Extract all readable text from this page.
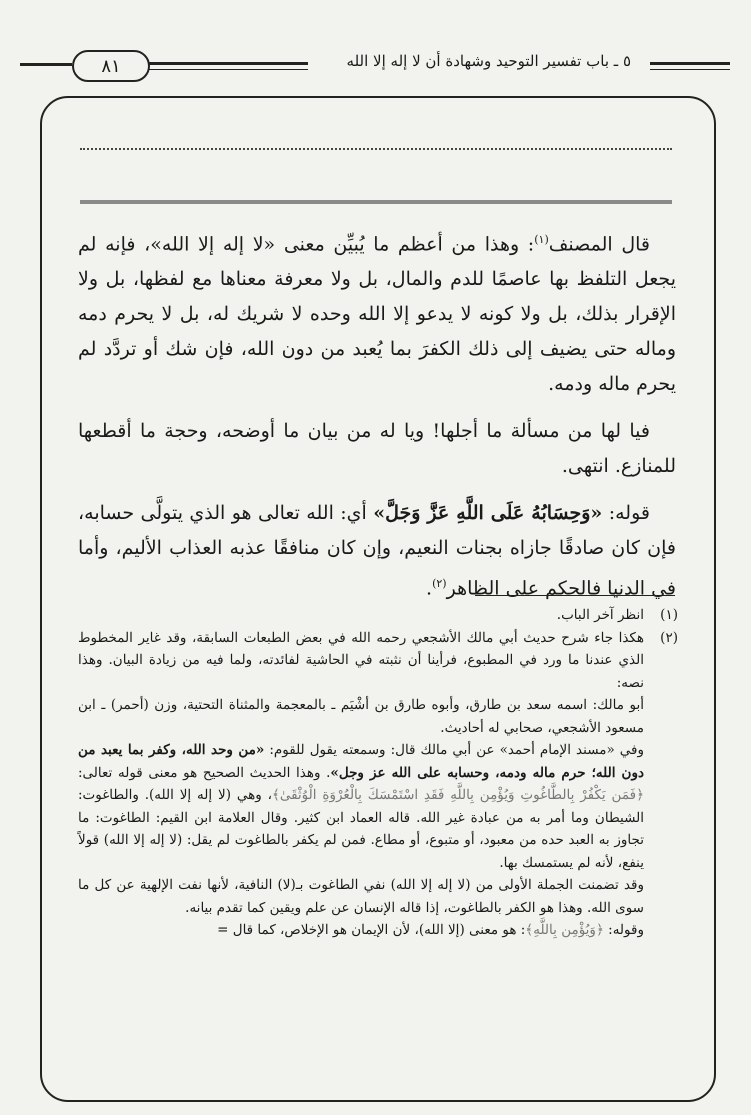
٨١	٥ ـ باب تفسير التوحيد وشهادة أن لا إله إلا الله

قال المصنف$^{(١)}$: وهذا من أعظم ما يُبيِّن معنى «لا إله إلا الله»، فإنه لم يجعل التلفظ بها عاصمًا للدم والمال، بل ولا معرفة معناها مع لفظها، بل ولا الإقرار بذلك، بل ولا كونه لا يدعو إلا الله وحده لا شريك له، بل لا يحرم دمه وماله حتى يضيف إلى ذلك الكفرَ بما يُعبد من دون الله، فإن شك أو تردَّد لم يحرم ماله ودمه.

فيا لها من مسألة ما أجلها! ويا له من بيان ما أوضحه، وحجة ما أقطعها للمنازع. انتهى.

قوله: «وَحِسَابُهُ عَلَى اللَّهِ عَزَّ وَجَلَّ» أي: الله تعالى هو الذي يتولَّى حسابه، فإن كان صادقًا جازاه بجنات النعيم، وإن كان منافقًا عذبه العذاب الأليم، وأما في الدنيا فالحكم على الظاهر$^{(٢)}$.

(١)

انظر آخر الباب.

(٢)

هكذا جاء شرح حديث أبي مالك الأشجعي رحمه الله في بعض الطبعات السابقة، وقد غاير المخطوط الذي عندنا ما ورد في المطبوع، فرأينا أن نثبته في الحاشية لفائدته، ولما فيه من زيادة البيان. وهذا نصه:

أبو مالك: اسمه سعد بن طارق، وأبوه طارق بن أشْيَم ـ بالمعجمة والمثناة التحتية، وزن (أحمر) ـ ابن مسعود الأشجعي، صحابي له أحاديث.

وفي «مسند الإمام أحمد» عن أبي مالك قال: وسمعته يقول للقوم: «من وحد الله، وكفر بما يعبد من دون الله؛ حرم ماله ودمه، وحسابه على الله عز وجل». وهذا الحديث الصحيح هو معنى قوله تعالى: ﴿فَمَن يَكْفُرْ بِالطَّاغُوتِ وَيُؤْمِن بِاللَّهِ فَقَدِ اسْتَمْسَكَ بِالْعُرْوَةِ الْوُثْقَىٰ﴾، وهي (لا إله إلا الله). والطاغوت: الشيطان وما أمر به من عبادة غير الله. قاله العماد ابن كثير. وقال العلامة ابن القيم: الطاغوت: ما تجاوز به العبد حده من معبود، أو متبوع، أو مطاع. فمن لم يكفر بالطاغوت لم يقل: (لا إله إلا الله) قولاً ينفع، لأنه لم يستمسك بها.

وقد تضمنت الجملة الأولى من (لا إله إلا الله) نفي الطاغوت بـ(لا) النافية، لأنها نفت الإلهية عن كل ما سوى الله. وهذا هو الكفر بالطاغوت، إذا قاله الإنسان عن علم ويقين كما تقدم بيانه.

وقوله: ﴿وَيُؤْمِن بِاللَّهِ﴾: هو معنى (إلا الله)، لأن الإيمان هو الإخلاص، كما قال =
